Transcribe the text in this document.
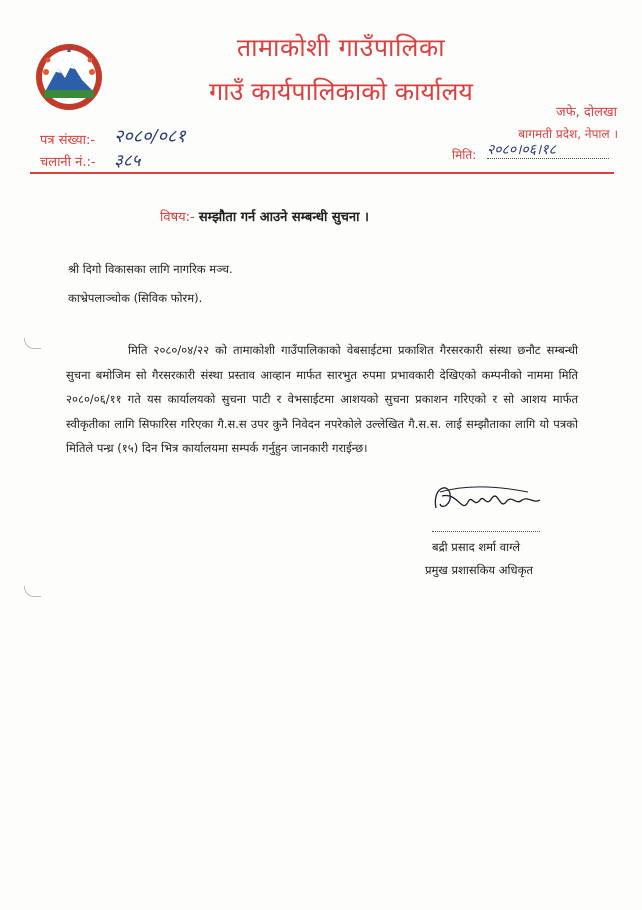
तामाकोशी गाउँपालिका
गाउँ कार्यपालिकाको कार्यालय
जफे, दोलखा
बागमती प्रदेश, नेपाल ।
पत्र संख्या:- २०८०/०८१
चलानी नं.:- ३८५	मिति: २०८०।०६।१८
विषय:- सम्झौता गर्न आउने सम्बन्धी सुचना ।
श्री दिगो विकासका लागि नागरिक मञ्च.
काभ्रेपलाञ्चोक (सिविक फोरम).
मिति २०८०/०४/२२ को तामाकोशी गाउँपालिकाको वेबसाईटमा प्रकाशित गैरसरकारी संस्था छनौट सम्बन्धी सुचना बमोजिम सो गैरसरकारी संस्था प्रस्ताव आव्हान मार्फत सारभुत रुपमा प्रभावकारी देखिएको कम्पनीको नाममा मिति २०८०/०६/११ गते यस कार्यालयको सुचना पाटी र वेभसाईटमा आशयको सुचना प्रकाशन गरिएको र सो आशय मार्फत स्वीकृतीका लागि सिफारिस गरिएका गै.स.स उपर कुनै निवेदन नपरेकोले उल्लेखित गै.स.स. लाई सम्झौताका लागि यो पत्रको मितिले पन्ध्र (१५) दिन भित्र कार्यालयमा सम्पर्क गर्नुहुन जानकारी गराईन्छ।
बद्री प्रसाद शर्मा वाग्ले
प्रमुख प्रशासकिय अधिकृत
